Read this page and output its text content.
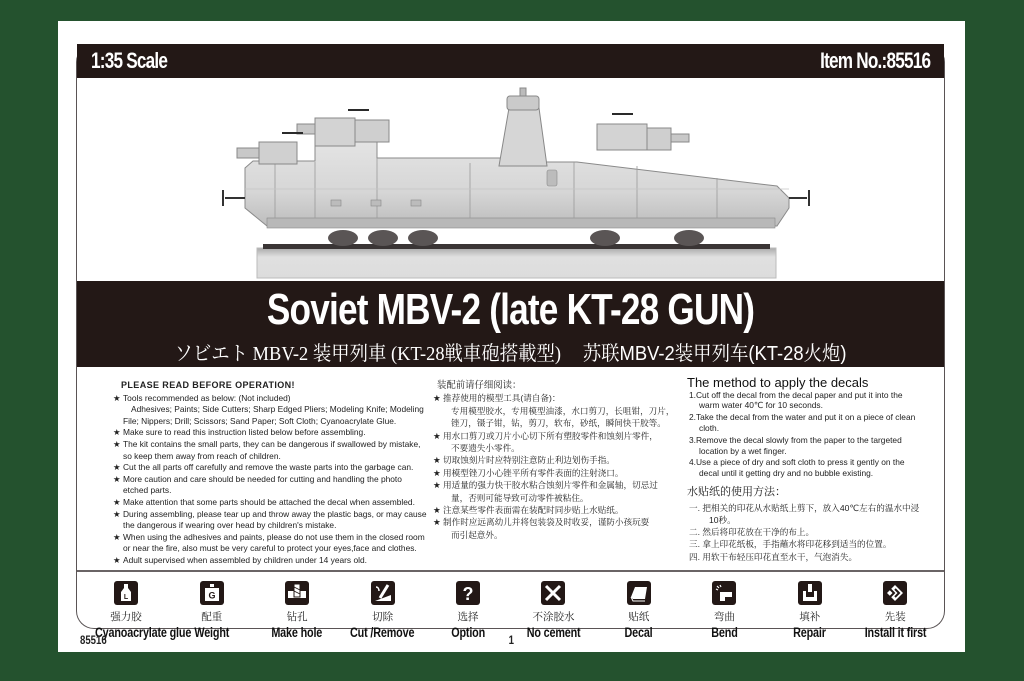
1:35 Scale	Item No.:85516
Soviet MBV-2 (late KT-28 GUN)
ソビエト MBV-2 装甲列車 (KT-28戦車砲搭載型) 苏联MBV-2装甲列车(KT-28火炮)
PLEASE READ BEFORE OPERATION!
★ Tools recommended as below: (Not included)
Adhesives; Paints; Side Cutters; Sharp Edged Pliers; Modeling Knife; Modeling
File; Nippers; Drill; Scissors; Sand Paper; Soft Cloth; Cyanoacrylate Glue.
★ Make sure to read this instruction listed below before assembling.
★ The kit contains the small parts, they can be dangerous if swallowed by mistake,
so keep them away from reach of children.
★ Cut the all parts off carefully and remove the waste parts into the garbage can.
★ More caution and care should be needed for cutting and handling the photo
etched parts.
★ Make attention that some parts should be attached the decal when assembled.
★ During assembling, please tear up and throw away the plastic bags, or may cause
the dangerous if wearing over head by children's mistake.
★ When using the adhesives and paints, please do not use them in the closed room
or near the fire, also must be very careful to protect your eyes,face and clothes.
★ Adult supervised when assembled by children under 14 years old.
装配前请仔细阅读：
★ 推荐使用的模型工具(请自备)：
专用模型胶水，专用模型油漆，水口剪刀，长咀钳，刀片，
锉刀，镊子钳，钻，剪刀，软布，砂纸，瞬间快干胶等。
★ 用水口剪刀或刀片小心切下所有塑胶零件和蚀刻片零件，
不要遗失小零件。
★ 切取蚀刻片时应特别注意防止利边划伤手指。
★ 用模型锉刀小心锉平所有零件表面的注射浇口。
★ 用适量的强力快干胶水粘合蚀刻片零件和金属轴，切忌过
量，否则可能导致可动零件被粘住。
★ 注意某些零件表面需在装配时同步贴上水贴纸。
★ 制作时应远离幼儿并将包装袋及时收妥，谨防小孩玩耍
而引起意外。
The method to apply the decals
1.Cut off the decal from the decal paper and put it into the warm water 40℃ for 10 seconds.
2.Take the decal from the water and put it on a piece of clean cloth.
3.Remove the decal slowly from the paper to the targeted location by a wet finger.
4.Use a piece of dry and soft cloth to press it gently on the decal until it getting dry and no bubble existing.
水贴纸的使用方法：
一. 把相关的印花从水贴纸上剪下，放入40℃左右的温水中浸10秒。
二. 然后将印花放在干净的布上。
三. 拿上印花纸板，手指蘸水将印花移到适当的位置。
四. 用软干布轻压印花直至水干，气泡消失。
L
强力胶
Cyanoacrylate glue
G
配重
Weight
钻孔
Make hole
切除
Cut /Remove
?
选择
Option
不涂胶水
No cement
贴纸
Decal
弯曲
Bend
填补
Repair
先装
Install it first
85516	1
